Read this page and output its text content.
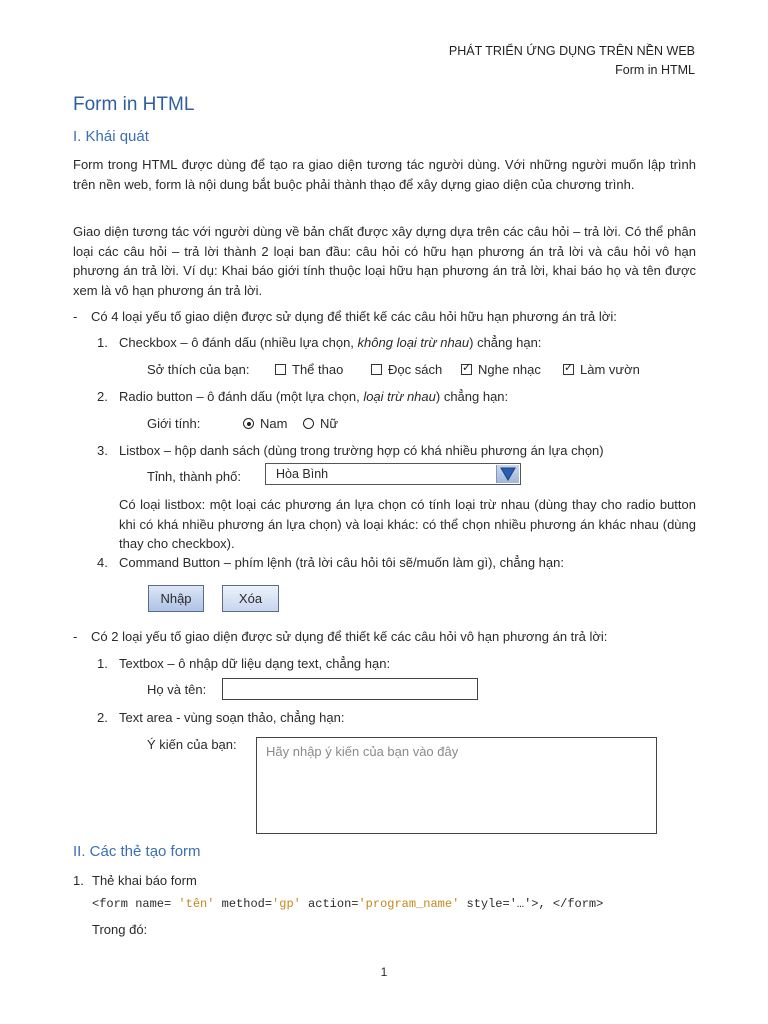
PHÁT TRIỂN ỨNG DỤNG TRÊN NỀN WEB
Form in HTML
Form in HTML
I. Khái quát
Form trong HTML được dùng để tạo ra giao diện tương tác người dùng. Với những người muốn lập trình trên nền web, form là nội dung bắt buộc phải thành thạo để xây dựng giao diện của chương trình.
Giao diện tương tác với người dùng về bản chất được xây dựng dựa trên các câu hỏi – trả lời. Có thể phân loại các câu hỏi – trả lời thành 2 loại ban đầu: câu hỏi có hữu hạn phương án trả lời và câu hỏi vô hạn phương án trả lời. Ví dụ: Khai báo giới tính thuộc loại hữu hạn phương án trả lời, khai báo họ và tên được xem là vô hạn phương án trả lời.
- Có 4 loại yếu tố giao diện được sử dụng để thiết kế các câu hỏi hữu hạn phương án trả lời:
1. Checkbox – ô đánh dấu (nhiều lựa chọn, không loại trừ nhau) chẳng hạn:
Sở thích của bạn:	Thể thao	Đọc sách ✓	Nghe nhạc ✓	Làm vườn
2. Radio button – ô đánh dấu (một lựa chọn, loại trừ nhau) chẳng hạn:
Giới tính:	Nam	Nữ
3. Listbox – hộp danh sách (dùng trong trường hợp có khá nhiều phương án lựa chọn)
Tỉnh, thành phố:	Hòa Bình
Có loại listbox: một loại các phương án lựa chọn có tính loại trừ nhau (dùng thay cho radio button khi có khá nhiều phương án lựa chọn) và loại khác: có thể chọn nhiều phương án khác nhau (dùng thay cho checkbox).
4. Command Button – phím lệnh (trả lời câu hỏi tôi sẽ/muốn làm gì), chẳng hạn:
Nhập	Xóa
- Có 2 loại yếu tố giao diện được sử dụng để thiết kế các câu hỏi vô hạn phương án trả lời:
1. Textbox – ô nhập dữ liệu dạng text, chẳng hạn:
Họ và tên:
2. Text area - vùng soạn thảo, chẳng hạn:
Ý kiến của bạn: Hãy nhập ý kiến của bạn vào đây
II. Các thẻ tạo form
1. Thẻ khai báo form
<form name= 'tên' method='gp' action='program_name' style='…'>, </form>
Trong đó:
1
